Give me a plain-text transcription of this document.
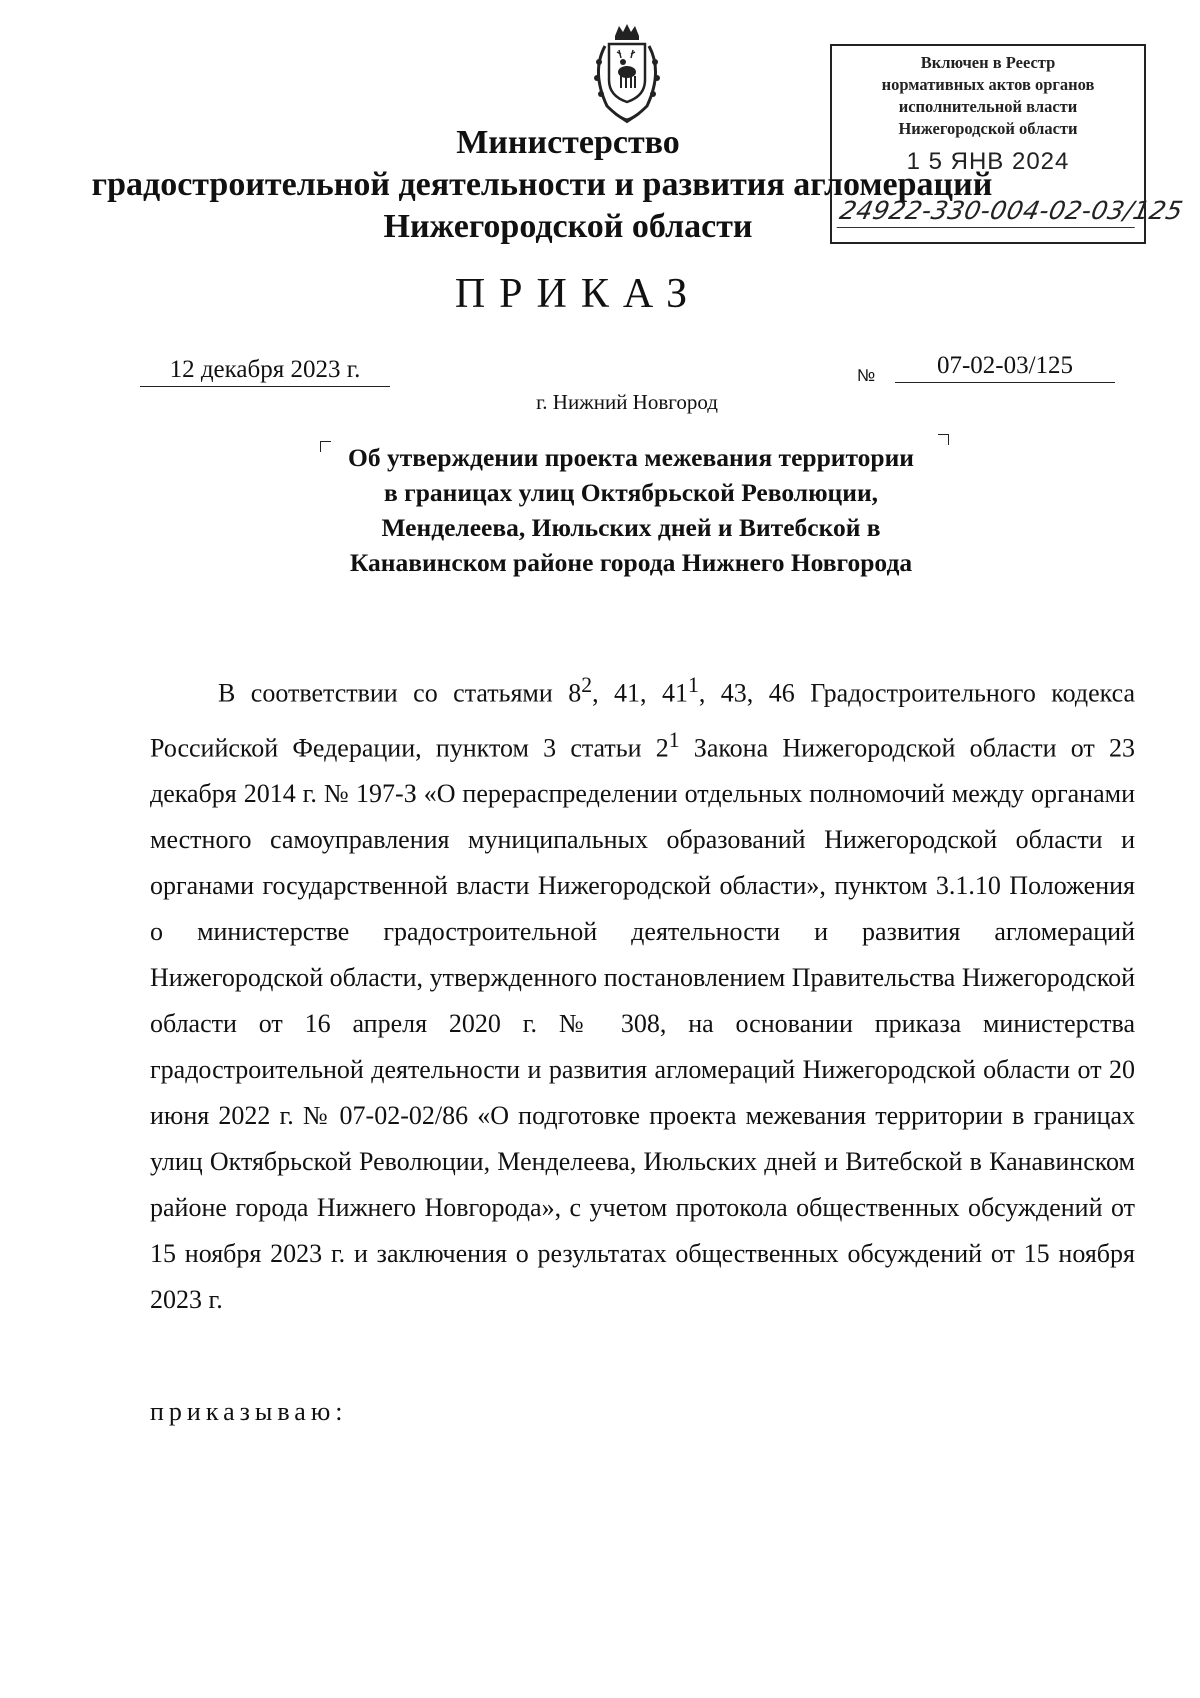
Включен в Реестр
нормативных актов органов
исполнительной власти
Нижегородской области
1 5 ЯНВ 2024
24922-330-004-02-03/125
Министерство
градостроительной деятельности и развития агломераций
Нижегородской области
ПРИКАЗ
12 декабря 2023 г.	№	07-02-03/125
г. Нижний Новгород
Об утверждении проекта межевания территории в границах улиц Октябрьской Революции, Менделеева, Июльских дней и Витебской в Канавинском районе города Нижнего Новгорода

В соответствии со статьями $8^2$, 41, $41^1$, 43, 46 Градостроительного кодекса Российской Федерации, пунктом 3 статьи $2^1$ Закона Нижегородской области от 23 декабря 2014 г. № 197-З «О перераспределении отдельных полномочий между органами местного самоуправления муниципальных образований Нижегородской области и органами государственной власти Нижегородской области», пунктом 3.1.10 Положения о министерстве градостроительной деятельности и развития агломераций Нижегородской области, утвержденного постановлением Правительства Нижегородской области от 16 апреля 2020 г. № 308, на основании приказа министерства градостроительной деятельности и развития агломераций Нижегородской области от 20 июня 2022 г. № 07-02-02/86 «О подготовке проекта межевания территории в границах улиц Октябрьской Революции, Менделеева, Июльских дней и Витебской в Канавинском районе города Нижнего Новгорода», с учетом протокола общественных обсуждений от 15 ноября 2023 г. и заключения о результатах общественных обсуждений от 15 ноября 2023 г.

приказываю:
